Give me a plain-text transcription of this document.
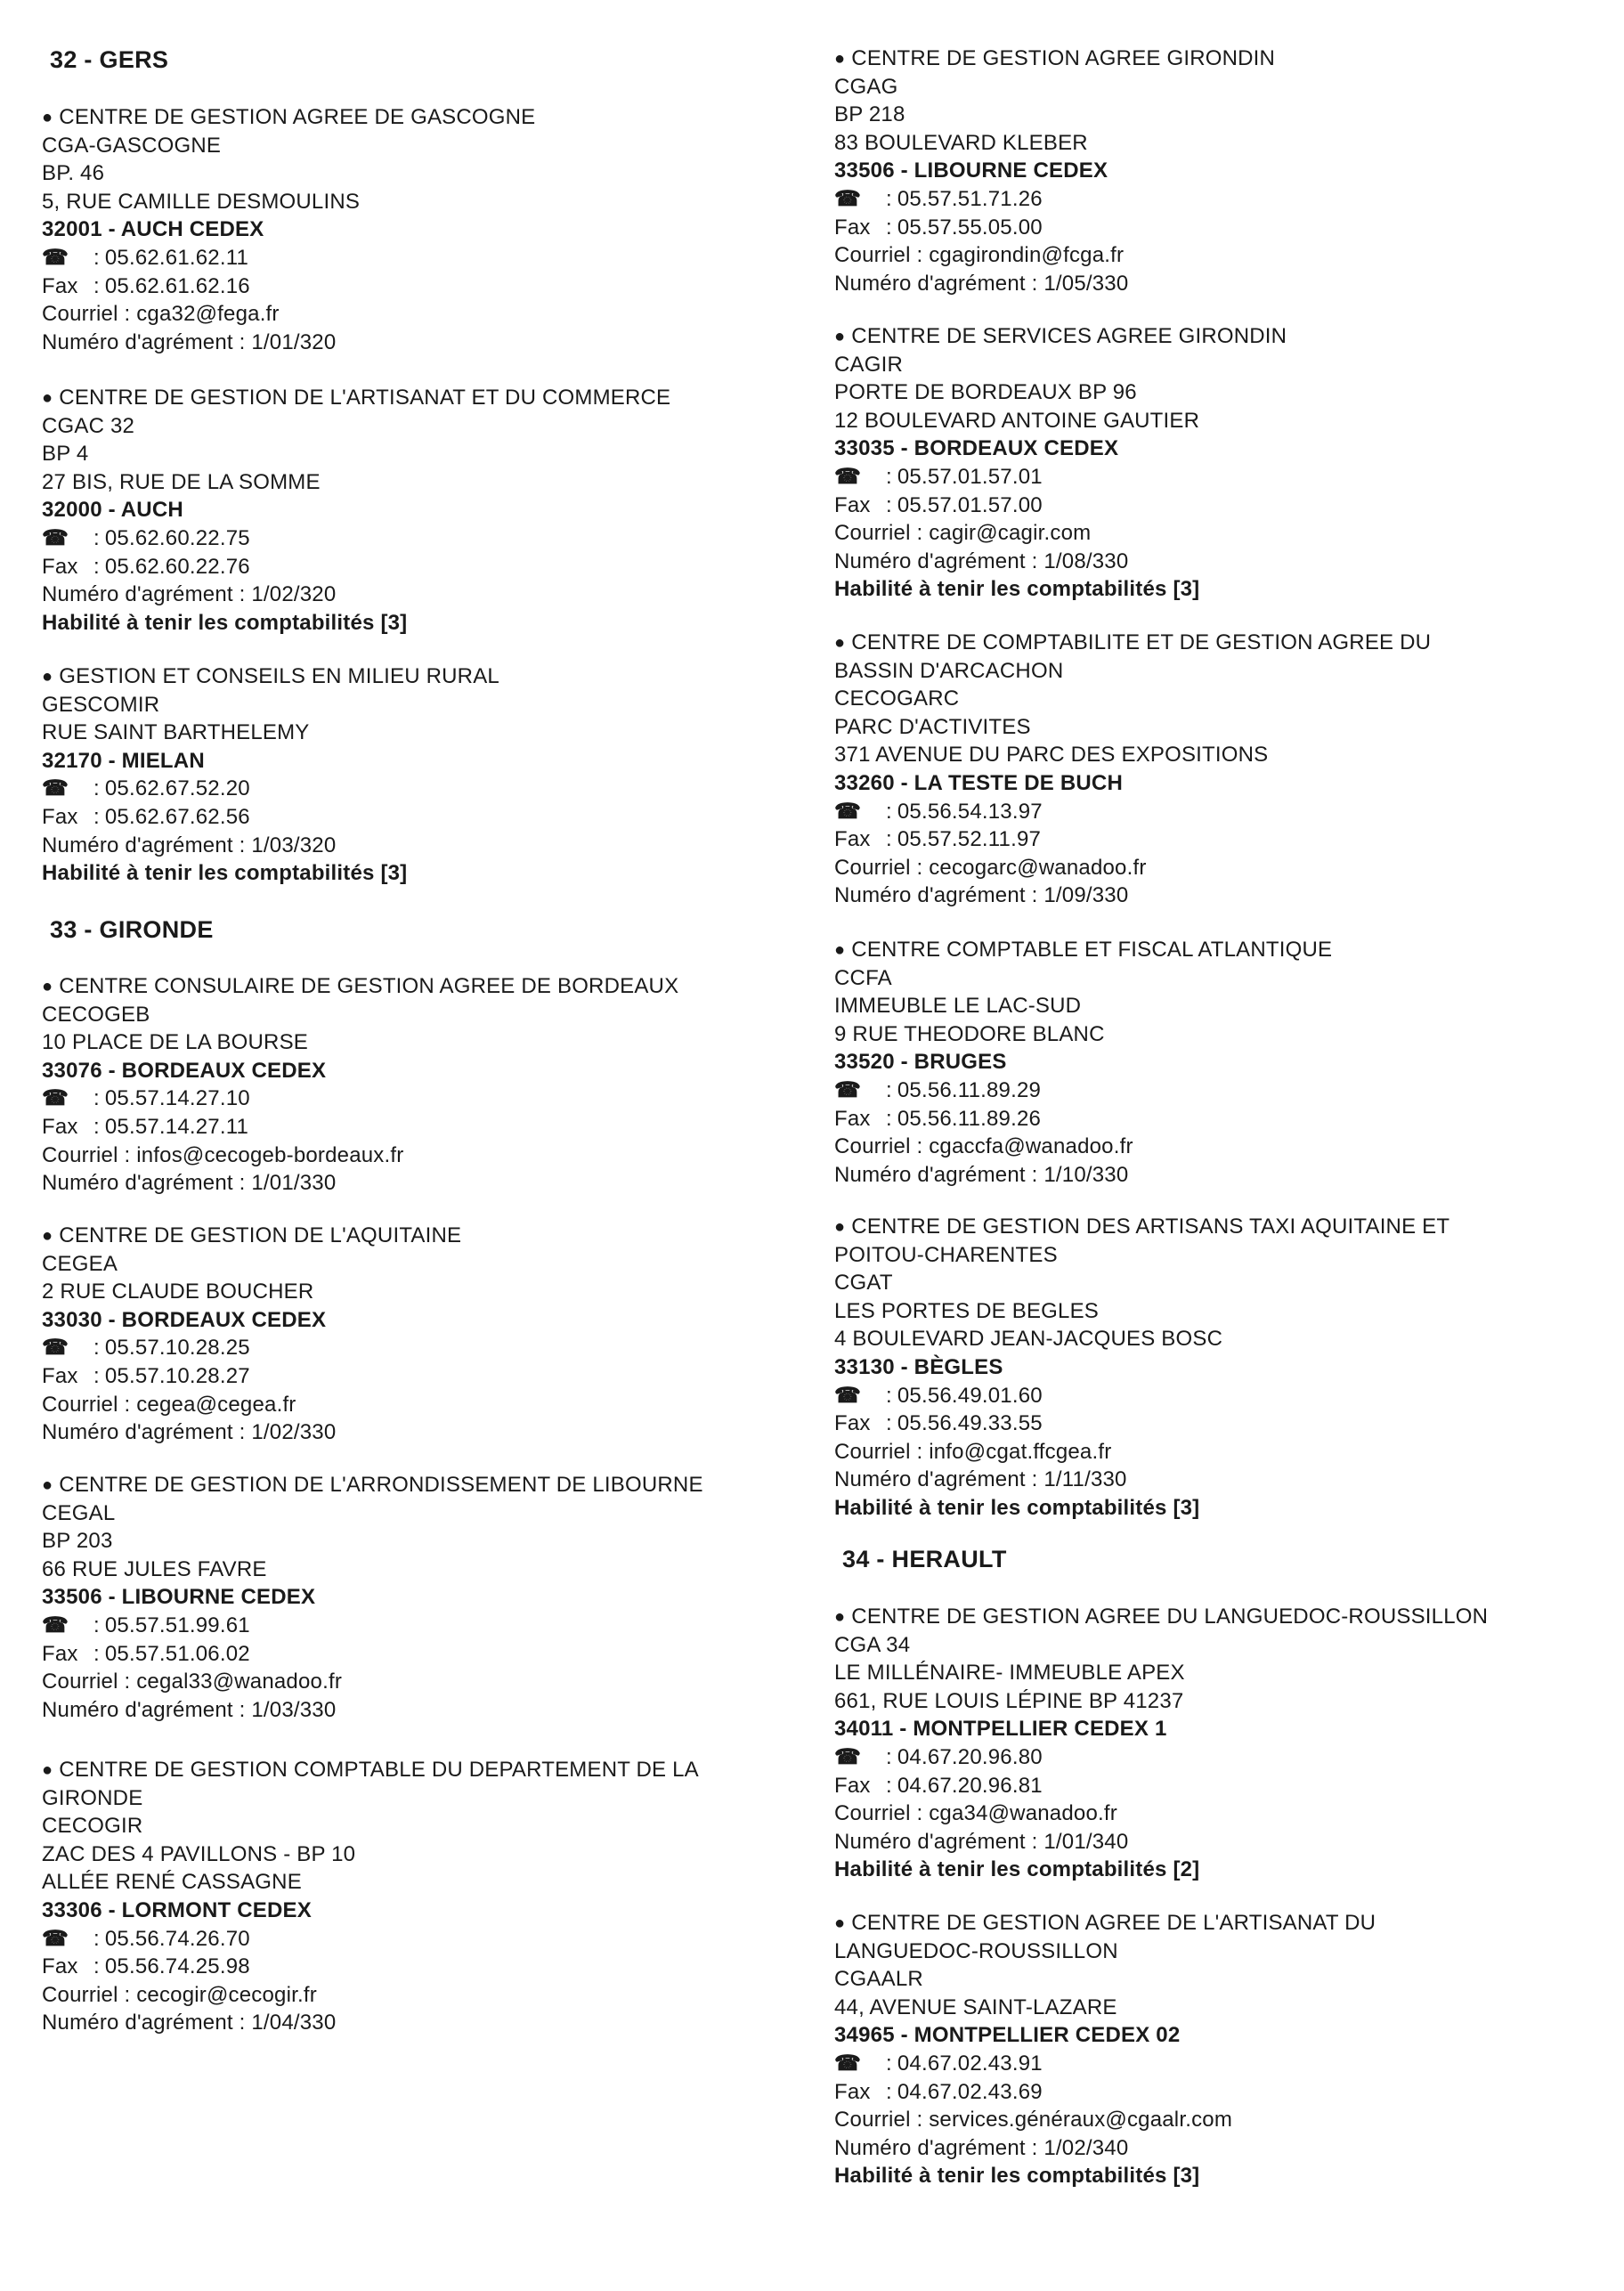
32 - GERS
● CENTRE DE GESTION AGREE DE GASCOGNE
CGA-GASCOGNE
BP. 46
5, RUE CAMILLE DESMOULINS
32001 - AUCH CEDEX
☎ : 05.62.61.62.11
Fax : 05.62.61.62.16
Courriel : cga32@fega.fr
Numéro d'agrément : 1/01/320
● CENTRE DE GESTION DE L'ARTISANAT ET DU COMMERCE
CGAC 32
BP 4
27 BIS, RUE DE LA SOMME
32000 - AUCH
☎ : 05.62.60.22.75
Fax : 05.62.60.22.76
Numéro d'agrément : 1/02/320
Habilité à tenir les comptabilités [3]
● GESTION ET CONSEILS EN MILIEU RURAL
GESCOMIR
RUE SAINT BARTHELEMY
32170 - MIELAN
☎ : 05.62.67.52.20
Fax : 05.62.67.62.56
Numéro d'agrément : 1/03/320
Habilité à tenir les comptabilités [3]
33 - GIRONDE
● CENTRE CONSULAIRE DE GESTION AGREE DE BORDEAUX
CECOGEB
10 PLACE DE LA BOURSE
33076 - BORDEAUX CEDEX
☎ : 05.57.14.27.10
Fax : 05.57.14.27.11
Courriel : infos@cecogeb-bordeaux.fr
Numéro d'agrément : 1/01/330
● CENTRE DE GESTION DE L'AQUITAINE
CEGEA
2 RUE CLAUDE BOUCHER
33030 - BORDEAUX CEDEX
☎ : 05.57.10.28.25
Fax : 05.57.10.28.27
Courriel : cegea@cegea.fr
Numéro d'agrément : 1/02/330
● CENTRE DE GESTION DE L'ARRONDISSEMENT DE LIBOURNE
CEGAL
BP 203
66 RUE JULES FAVRE
33506 - LIBOURNE CEDEX
☎ : 05.57.51.99.61
Fax : 05.57.51.06.02
Courriel : cegal33@wanadoo.fr
Numéro d'agrément : 1/03/330
● CENTRE DE GESTION COMPTABLE DU DEPARTEMENT DE LA
GIRONDE
CECOGIR
ZAC DES 4 PAVILLONS - BP 10
ALLÉE RENÉ CASSAGNE
33306 - LORMONT CEDEX
☎ : 05.56.74.26.70
Fax : 05.56.74.25.98
Courriel : cecogir@cecogir.fr
Numéro d'agrément : 1/04/330
● CENTRE DE GESTION AGREE GIRONDIN
CGAG
BP 218
83 BOULEVARD KLEBER
33506 - LIBOURNE CEDEX
☎ : 05.57.51.71.26
Fax : 05.57.55.05.00
Courriel : cgagirondin@fcga.fr
Numéro d'agrément : 1/05/330
● CENTRE DE SERVICES AGREE GIRONDIN
CAGIR
PORTE DE BORDEAUX BP 96
12 BOULEVARD ANTOINE GAUTIER
33035 - BORDEAUX CEDEX
☎ : 05.57.01.57.01
Fax : 05.57.01.57.00
Courriel : cagir@cagir.com
Numéro d'agrément : 1/08/330
Habilité à tenir les comptabilités [3]
● CENTRE DE COMPTABILITE ET DE GESTION AGREE DU
BASSIN D'ARCACHON
CECOGARC
PARC D'ACTIVITES
371 AVENUE DU PARC DES EXPOSITIONS
33260 - LA TESTE DE BUCH
☎ : 05.56.54.13.97
Fax : 05.57.52.11.97
Courriel : cecogarc@wanadoo.fr
Numéro d'agrément : 1/09/330
● CENTRE COMPTABLE ET FISCAL ATLANTIQUE
CCFA
IMMEUBLE LE LAC-SUD
9 RUE THEODORE BLANC
33520 - BRUGES
☎ : 05.56.11.89.29
Fax : 05.56.11.89.26
Courriel : cgaccfa@wanadoo.fr
Numéro d'agrément : 1/10/330
● CENTRE DE GESTION DES ARTISANS TAXI AQUITAINE ET
POITOU-CHARENTES
CGAT
LES PORTES DE BEGLES
4 BOULEVARD JEAN-JACQUES BOSC
33130 - BÈGLES
☎ : 05.56.49.01.60
Fax : 05.56.49.33.55
Courriel : info@cgat.ffcgea.fr
Numéro d'agrément : 1/11/330
Habilité à tenir les comptabilités [3]
34 - HERAULT
● CENTRE DE GESTION AGREE DU LANGUEDOC-ROUSSILLON
CGA 34
LE MILLÉNAIRE- IMMEUBLE APEX
661, RUE LOUIS LÉPINE BP 41237
34011 - MONTPELLIER CEDEX 1
☎ : 04.67.20.96.80
Fax : 04.67.20.96.81
Courriel : cga34@wanadoo.fr
Numéro d'agrément : 1/01/340
Habilité à tenir les comptabilités [2]
● CENTRE DE GESTION AGREE DE L'ARTISANAT DU
LANGUEDOC-ROUSSILLON
CGAALR
44, AVENUE SAINT-LAZARE
34965 - MONTPELLIER CEDEX 02
☎ : 04.67.02.43.91
Fax : 04.67.02.43.69
Courriel : services.généraux@cgaalr.com
Numéro d'agrément : 1/02/340
Habilité à tenir les comptabilités [3]
